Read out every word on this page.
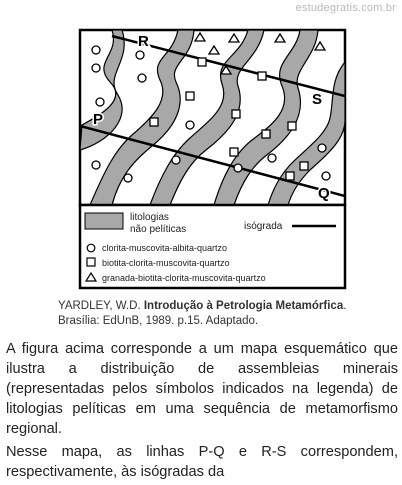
estudegratis.com.br
R
S
P
Q
litologias
não pelíticas	isógrada
clorita-muscovita-albita-quartzo
biotita-clorita-muscovita-quartzo
granada-biotita-clorita-muscovita-quartzo
YARDLEY, W.D. Introdução à Petrologia Metamórfica.
Brasília: EdUnB, 1989. p.15. Adaptado.

A figura acima corresponde a um mapa esquemático que ilustra a distribuição de assembleias minerais (representadas pelos símbolos indicados na legenda) de litologias pelíticas em uma sequência de metamorfismo regional.

Nesse mapa, as linhas P-Q e R-S correspondem, respectivamente, às isógradas da
